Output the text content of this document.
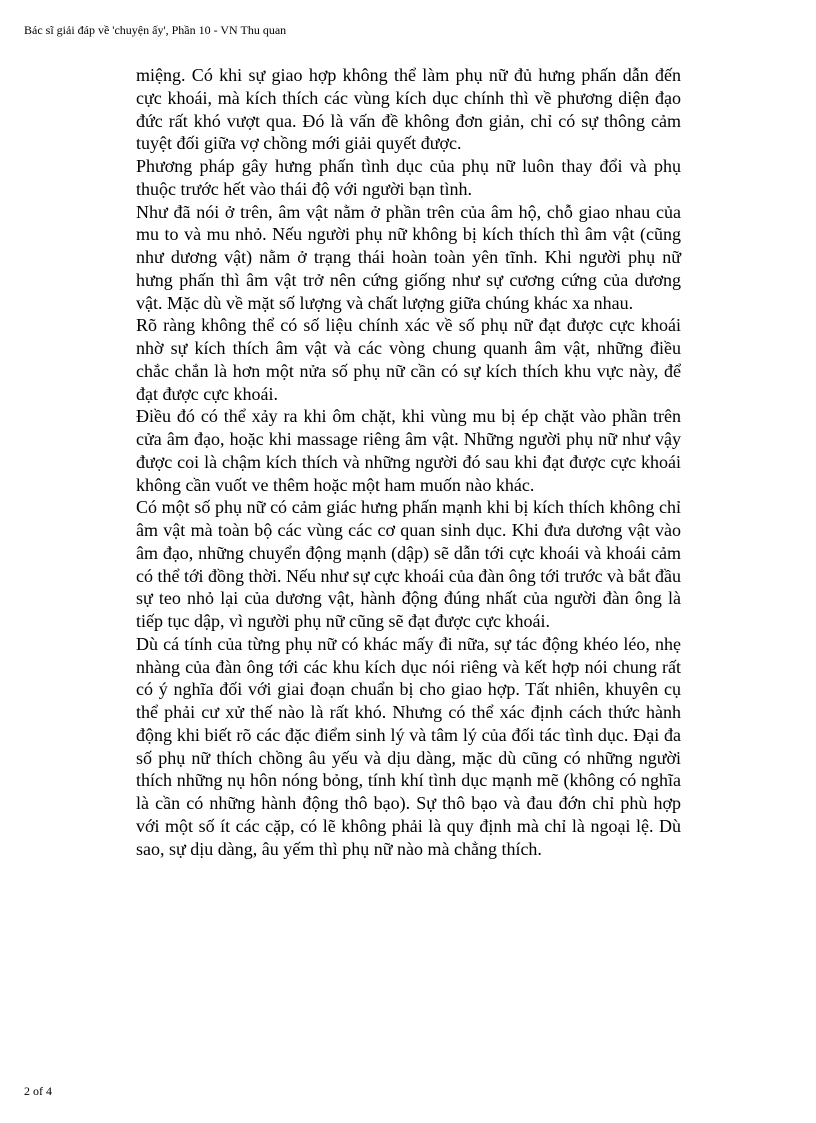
Bác sĩ giải đáp về 'chuyện ấy', Phần 10 - VN Thu quan

miệng. Có khi sự giao hợp không thể làm phụ nữ đủ hưng phấn dẫn đến cực khoái, mà kích thích các vùng kích dục chính thì về phương diện đạo đức rất khó vượt qua. Đó là vấn đề không đơn giản, chỉ có sự thông cảm tuyệt đối giữa vợ chồng mới giải quyết được.

Phương pháp gây hưng phấn tình dục của phụ nữ luôn thay đổi và phụ thuộc trước hết vào thái độ với người bạn tình.

Như đã nói ở trên, âm vật nằm ở phần trên của âm hộ, chỗ giao nhau của mu to và mu nhỏ. Nếu người phụ nữ không bị kích thích thì âm vật (cũng như dương vật) nằm ở trạng thái hoàn toàn yên tĩnh. Khi người phụ nữ hưng phấn thì âm vật trở nên cứng giống như sự cương cứng của dương vật. Mặc dù về mặt số lượng và chất lượng giữa chúng khác xa nhau.

Rõ ràng không thể có số liệu chính xác về số phụ nữ đạt được cực khoái nhờ sự kích thích âm vật và các vòng chung quanh âm vật, những điều chắc chắn là hơn một nửa số phụ nữ cần có sự kích thích khu vực này, để đạt được cực khoái.

Điều đó có thể xảy ra khi ôm chặt, khi vùng mu bị ép chặt vào phần trên cửa âm đạo, hoặc khi massage riêng âm vật. Những người phụ nữ như vậy được coi là chậm kích thích và những người đó sau khi đạt được cực khoái không cần vuốt ve thêm hoặc một ham muốn nào khác.

Có một số phụ nữ có cảm giác hưng phấn mạnh khi bị kích thích không chỉ âm vật mà toàn bộ các vùng các cơ quan sinh dục. Khi đưa dương vật vào âm đạo, những chuyển động mạnh (dập) sẽ dẫn tới cực khoái và khoái cảm có thể tới đồng thời. Nếu như sự cực khoái của đàn ông tới trước và bắt đầu sự teo nhỏ lại của dương vật, hành động đúng nhất của người đàn ông là tiếp tục dập, vì người phụ nữ cũng sẽ đạt được cực khoái.

Dù cá tính của từng phụ nữ có khác mấy đi nữa, sự tác động khéo léo, nhẹ nhàng của đàn ông tới các khu kích dục nói riêng và kết hợp nói chung rất có ý nghĩa đối với giai đoạn chuẩn bị cho giao hợp. Tất nhiên, khuyên cụ thể phải cư xử thế nào là rất khó. Nhưng có thể xác định cách thức hành động khi biết rõ các đặc điểm sinh lý và tâm lý của đối tác tình dục. Đại đa số phụ nữ thích chồng âu yếu và dịu dàng, mặc dù cũng có những người thích những nụ hôn nóng bỏng, tính khí tình dục mạnh mẽ (không có nghĩa là cần có những hành động thô bạo). Sự thô bạo và đau đớn chỉ phù hợp với một số ít các cặp, có lẽ không phải là quy định mà chỉ là ngoại lệ. Dù sao, sự dịu dàng, âu yếm thì phụ nữ nào mà chẳng thích.

2 of 4
